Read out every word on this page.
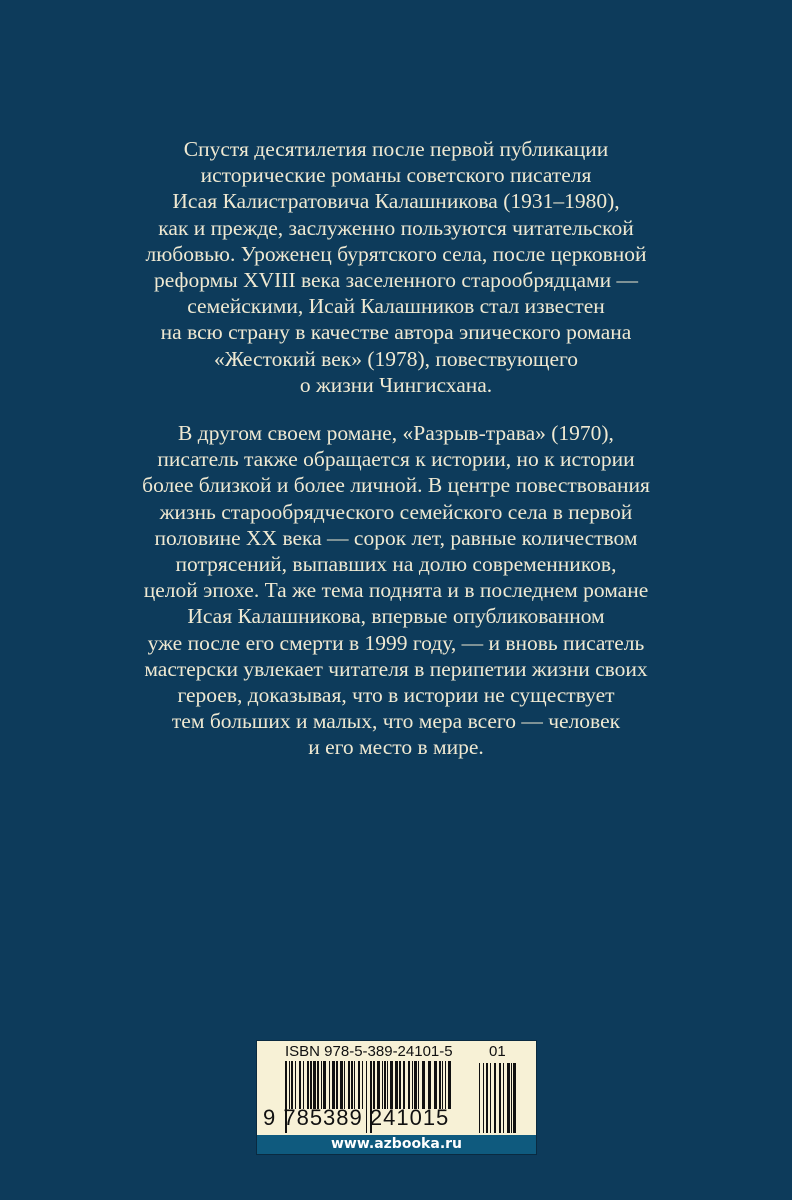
Спустя десятилетия после первой публикации
исторические романы советского писателя
Исая Калистратовича Калашникова (1931–1980),
как и прежде, заслуженно пользуются читательской
любовью. Уроженец бурятского села, после церковной
реформы XVIII века заселенного старообрядцами —
семейскими, Исай Калашников стал известен
на всю страну в качестве автора эпического романа
«Жестокий век» (1978), повествующего
о жизни Чингисхана.
В другом своем романе, «Разрыв-трава» (1970),
писатель также обращается к истории, но к истории
более близкой и более личной. В центре повествования
жизнь старообрядческого семейского села в первой
половине XX века — сорок лет, равные количеством
потрясений, выпавших на долю современников,
целой эпохе. Та же тема поднята и в последнем романе
Исая Калашникова, впервые опубликованном
уже после его смерти в 1999 году, — и вновь писатель
мастерски увлекает читателя в перипетии жизни своих
героев, доказывая, что в истории не существует
тем больших и малых, что мера всего — человек
и его место в мире.
ISBN 978-5-389-24101-5 01
9 785389 241015
www.azbooka.ru
